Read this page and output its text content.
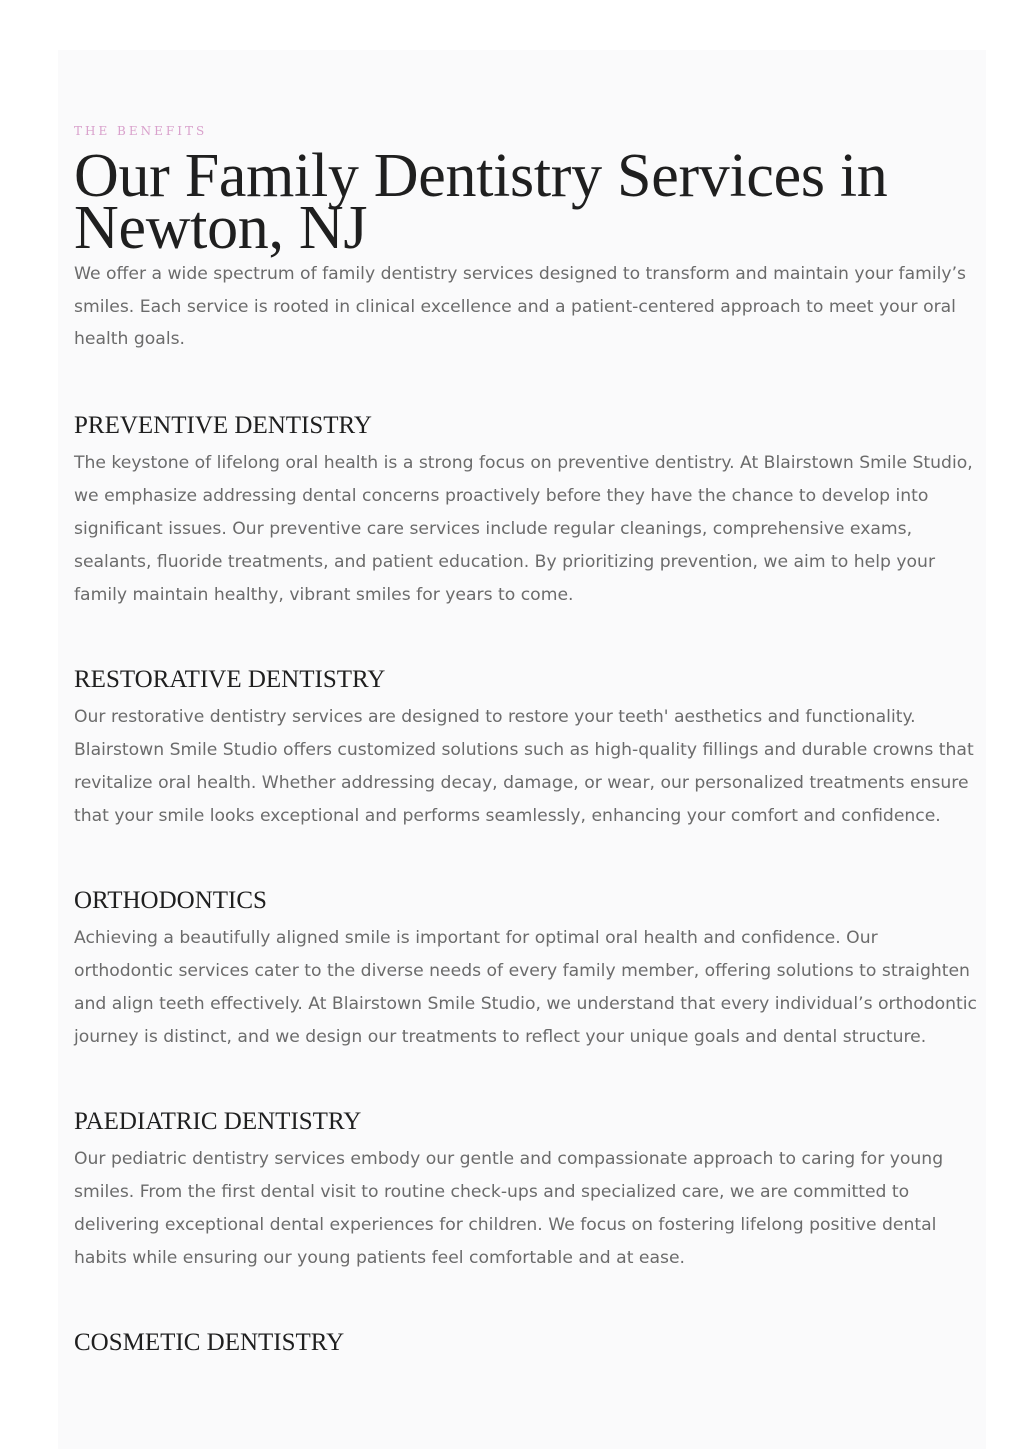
THE BENEFITS

Our Family Dentistry Services in Newton, NJ

We offer a wide spectrum of family dentistry services designed to transform and maintain your family’s smiles. Each service is rooted in clinical excellence and a patient-centered approach to meet your oral health goals.

PREVENTIVE DENTISTRY

The keystone of lifelong oral health is a strong focus on preventive dentistry. At Blairstown Smile Studio, we emphasize addressing dental concerns proactively before they have the chance to develop into significant issues. Our preventive care services include regular cleanings, comprehensive exams, sealants, fluoride treatments, and patient education. By prioritizing prevention, we aim to help your family maintain healthy, vibrant smiles for years to come.

RESTORATIVE DENTISTRY

Our restorative dentistry services are designed to restore your teeth' aesthetics and functionality. Blairstown Smile Studio offers customized solutions such as high-quality fillings and durable crowns that revitalize oral health. Whether addressing decay, damage, or wear, our personalized treatments ensure that your smile looks exceptional and performs seamlessly, enhancing your comfort and confidence.

ORTHODONTICS

Achieving a beautifully aligned smile is important for optimal oral health and confidence. Our orthodontic services cater to the diverse needs of every family member, offering solutions to straighten and align teeth effectively. At Blairstown Smile Studio, we understand that every individual’s orthodontic journey is distinct, and we design our treatments to reflect your unique goals and dental structure.

PAEDIATRIC DENTISTRY

Our pediatric dentistry services embody our gentle and compassionate approach to caring for young smiles. From the first dental visit to routine check-ups and specialized care, we are committed to delivering exceptional dental experiences for children. We focus on fostering lifelong positive dental habits while ensuring our young patients feel comfortable and at ease.

COSMETIC DENTISTRY
